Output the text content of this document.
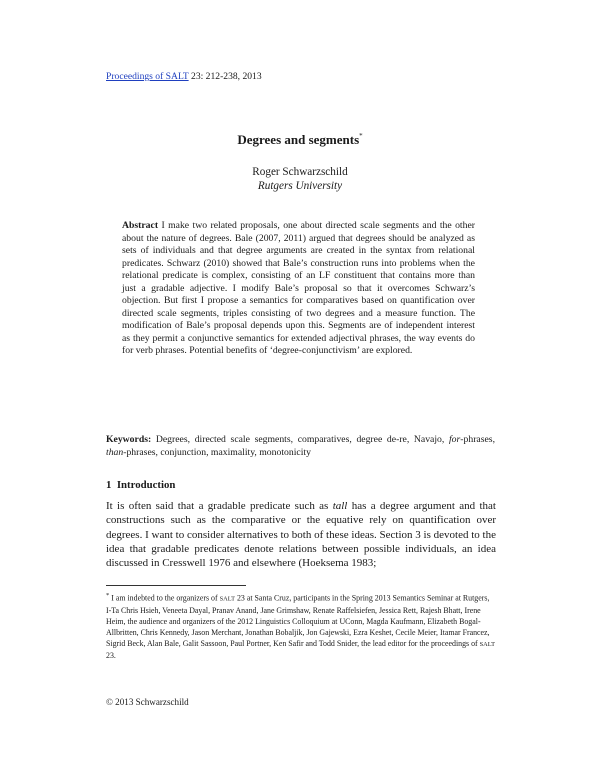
Proceedings of SALT 23: 212-238, 2013
Degrees and segments*
Roger Schwarzschild
Rutgers University

Abstract I make two related proposals, one about directed scale segments and the other about the nature of degrees. Bale (2007, 2011) argued that degrees should be analyzed as sets of individuals and that degree arguments are created in the syntax from relational predicates. Schwarz (2010) showed that Bale’s construction runs into problems when the relational predicate is complex, consisting of an LF constituent that contains more than just a gradable adjective. I modify Bale’s proposal so that it overcomes Schwarz’s objection. But first I propose a semantics for comparatives based on quantification over directed scale segments, triples consisting of two degrees and a measure function. The modification of Bale’s proposal depends upon this. Segments are of independent interest as they permit a conjunctive semantics for extended adjectival phrases, the way events do for verb phrases. Potential benefits of ‘degree-conjunctivism’ are explored.

Keywords: Degrees, directed scale segments, comparatives, degree de-re, Navajo, for-phrases, than-phrases, conjunction, maximality, monotonicity
1 Introduction

It is often said that a gradable predicate such as tall has a degree argument and that constructions such as the comparative or the equative rely on quantification over degrees. I want to consider alternatives to both of these ideas. Section 3 is devoted to the idea that gradable predicates denote relations between possible individuals, an idea discussed in Cresswell 1976 and elsewhere (Hoeksema 1983;

* I am indebted to the organizers of SALT 23 at Santa Cruz, participants in the Spring 2013 Semantics Seminar at Rutgers, I-Ta Chris Hsieh, Veneeta Dayal, Pranav Anand, Jane Grimshaw, Renate Raffelsiefen, Jessica Rett, Rajesh Bhatt, Irene Heim, the audience and organizers of the 2012 Linguistics Colloquium at UConn, Magda Kaufmann, Elizabeth Bogal-Allbritten, Chris Kennedy, Jason Merchant, Jonathan Bobaljik, Jon Gajewski, Ezra Keshet, Cecile Meier, Itamar Francez, Sigrid Beck, Alan Bale, Galit Sassoon, Paul Portner, Ken Safir and Todd Snider, the lead editor for the proceedings of SALT 23.

© 2013 Schwarzschild
